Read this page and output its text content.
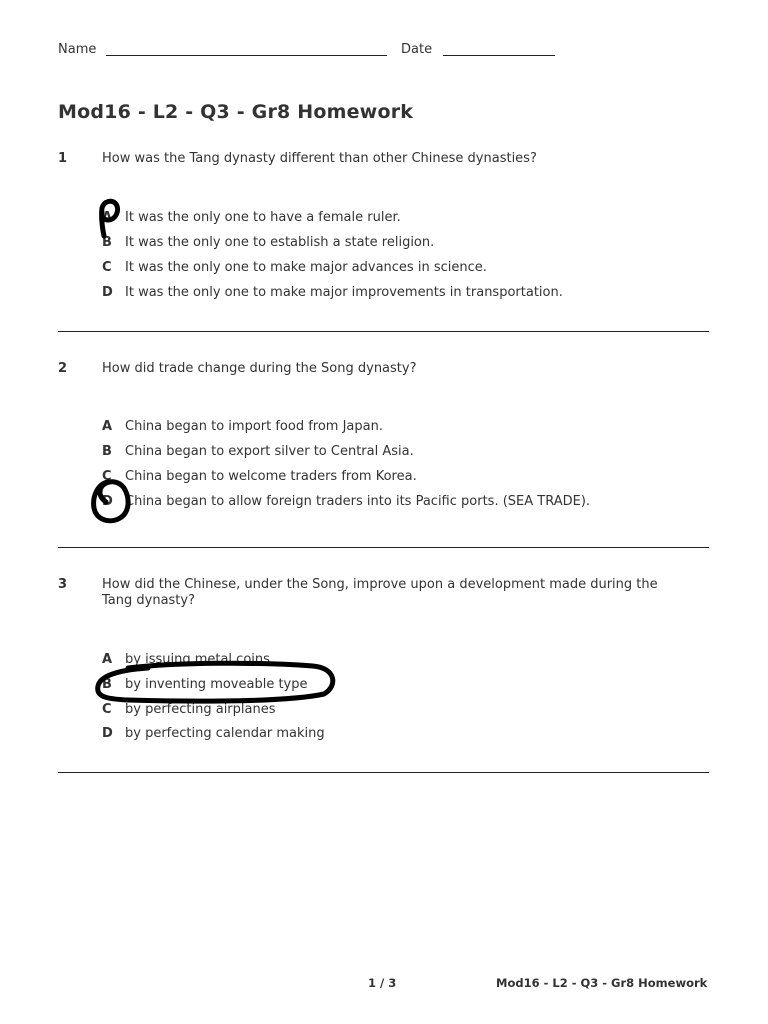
Name	Date
Mod16 - L2 - Q3 - Gr8 Homework
1	How was the Tang dynasty different than other Chinese dynasties?
A It was the only one to have a female ruler.
B	It was the only one to establish a state religion.
C	It was the only one to make major advances in science.
D It was the only one to make major improvements in transportation.
2	How did trade change during the Song dynasty?
A China began to import food from Japan.
B	China began to export silver to Central Asia.
C	China began to welcome traders from Korea.
D China began to allow foreign traders into its Pacific ports. (SEA TRADE).
3	How did the Chinese, under the Song, improve upon a development made during the
Tang dynasty?
A by issuing metal coins
B	by inventing moveable type
C	by perfecting airplanes
D by perfecting calendar making
1 / 3	Mod16 - L2 - Q3 - Gr8 Homework
